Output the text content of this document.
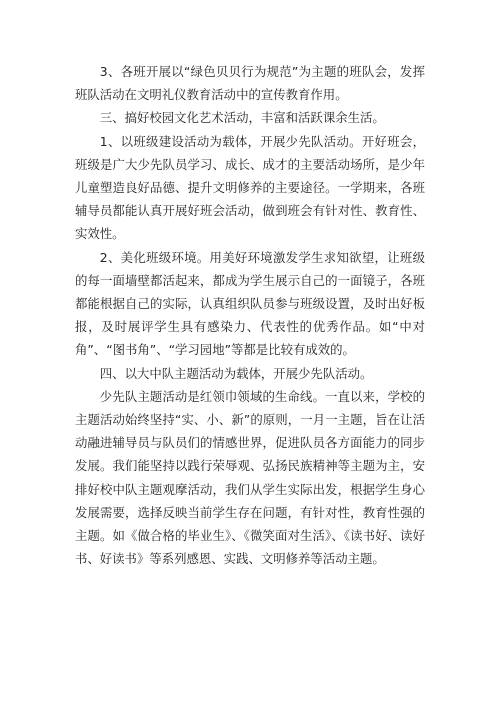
3、各班开展以“绿色贝贝行为规范”为主题的班队会，发挥班队活动在文明礼仪教育活动中的宣传教育作用。

三、搞好校园文化艺术活动，丰富和活跃课余生活。

1、以班级建设活动为载体，开展少先队活动。开好班会，班级是广大少先队员学习、成长、成才的主要活动场所，是少年儿童塑造良好品德、提升文明修养的主要途径。一学期来，各班辅导员都能认真开展好班会活动，做到班会有针对性、教育性、实效性。

2、美化班级环境。用美好环境激发学生求知欲望，让班级的每一面墙壁都活起来，都成为学生展示自己的一面镜子，各班都能根据自己的实际，认真组织队员参与班级设置，及时出好板报，及时展评学生具有感染力、代表性的优秀作品。如“中对角”、“图书角”、“学习园地”等都是比较有成效的。

四、以大中队主题活动为载体，开展少先队活动。

少先队主题活动是红领巾领域的生命线。一直以来，学校的主题活动始终坚持“实、小、新”的原则，一月一主题，旨在让活动融进辅导员与队员们的情感世界，促进队员各方面能力的同步发展。我们能坚持以践行荣辱观、弘扬民族精神等主题为主，安排好校中队主题观摩活动，我们从学生实际出发，根据学生身心发展需要，选择反映当前学生存在问题，有针对性，教育性强的主题。如《做合格的毕业生》、《微笑面对生活》、《读书好、读好书、好读书》等系列感恩、实践、文明修养等活动主题。
